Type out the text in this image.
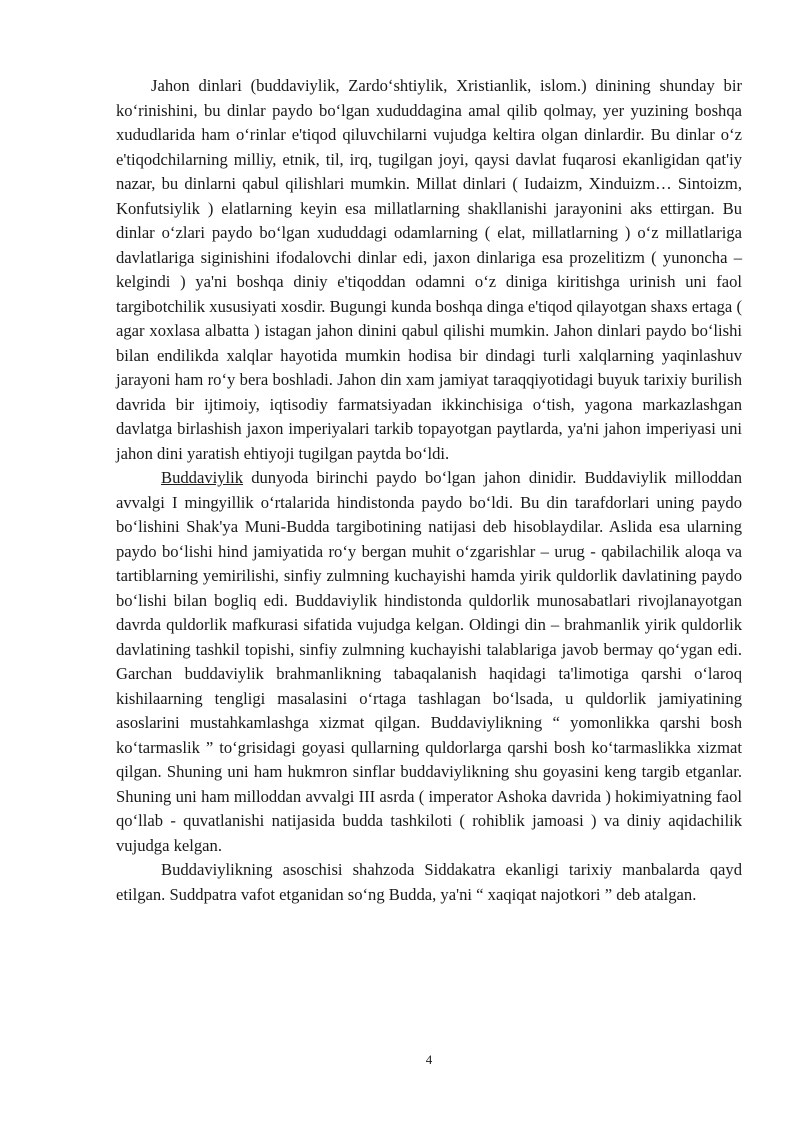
Jahon dinlari (buddaviylik, Zardo‘shtiylik, Xristianlik, islom.) dinining shunday bir ko‘rinishini, bu dinlar paydo bo‘lgan xududdagina amal qilib qolmay, yer yuzining boshqa xududlarida ham o‘rinlar e'tiqod qiluvchilarni vujudga keltira olgan dinlardir. Bu dinlar o‘z e'tiqodchilarning milliy, etnik, til, irq, tugilgan joyi, qaysi davlat fuqarosi ekanligidan qat'iy nazar, bu dinlarni qabul qilishlari mumkin. Millat dinlari ( Iudaizm, Xinduizm… Sintoizm, Konfutsiylik ) elatlarning keyin esa millatlarning shakllanishi jarayonini aks ettirgan. Bu dinlar o‘zlari paydo bo‘lgan xududdagi odamlarning ( elat, millatlarning ) o‘z millatlariga davlatlariga siginishini ifodalovchi dinlar edi, jaxon dinlariga esa prozelitizm ( yunoncha – kelgindi ) ya'ni boshqa diniy e'tiqoddan odamni o‘z diniga kiritishga urinish uni faol targibotchilik xususiyati xosdir. Bugungi kunda boshqa dinga e'tiqod qilayotgan shaxs ertaga ( agar xoxlasa albatta ) istagan jahon dinini qabul qilishi mumkin. Jahon dinlari paydo bo‘lishi bilan endilikda xalqlar hayotida mumkin hodisa bir dindagi turli xalqlarning yaqinlashuv jarayoni ham ro‘y bera boshladi. Jahon din xam jamiyat taraqqiyotidagi buyuk tarixiy burilish davrida bir ijtimoiy, iqtisodiy farmatsiyadan ikkinchisiga o‘tish, yagona markazlashgan davlatga birlashish jaxon imperiyalari tarkib topayotgan paytlarda, ya'ni jahon imperiyasi uni jahon dini yaratish ehtiyoji tugilgan paytda bo‘ldi.

Buddaviylik dunyoda birinchi paydo bo‘lgan jahon dinidir. Buddaviylik milloddan avvalgi I mingyillik o‘rtalarida hindistonda paydo bo‘ldi. Bu din tarafdorlari uning paydo bo‘lishini Shak'ya Muni-Budda targibotining natijasi deb hisoblaydilar. Aslida esa ularning paydo bo‘lishi hind jamiyatida ro‘y bergan muhit o‘zgarishlar – urug - qabilachilik aloqa va tartiblarning yemirilishi, sinfiy zulmning kuchayishi hamda yirik quldorlik davlatining paydo bo‘lishi bilan bogliq edi. Buddaviylik hindistonda quldorlik munosabatlari rivojlanayotgan davrda quldorlik mafkurasi sifatida vujudga kelgan. Oldingi din – brahmanlik yirik quldorlik davlatining tashkil topishi, sinfiy zulmning kuchayishi talablariga javob bermay qo‘ygan edi. Garchan buddaviylik brahmanlikning tabaqalanish haqidagi ta'limotiga qarshi o‘laroq kishilaarning tengligi masalasini o‘rtaga tashlagan bo‘lsada, u quldorlik jamiyatining asoslarini mustahkamlashga xizmat qilgan. Buddaviylikning “ yomonlikka qarshi bosh ko‘tarmaslik ” to‘grisidagi goyasi qullarning quldorlarga qarshi bosh ko‘tarmaslikka xizmat qilgan. Shuning uni ham hukmron sinflar buddaviylikning shu goyasini keng targib etganlar. Shuning uni ham milloddan avvalgi III asrda ( imperator Ashoka davrida ) hokimiyatning faol qo‘llab - quvatlanishi natijasida budda tashkiloti ( rohiblik jamoasi ) va diniy aqidachilik vujudga kelgan.

Buddaviylikning asoschisi shahzoda Siddakatra ekanligi tarixiy manbalarda qayd etilgan. Suddpatra vafot etganidan so‘ng Budda, ya'ni “ xaqiqat najotkori ” deb atalgan.

4
